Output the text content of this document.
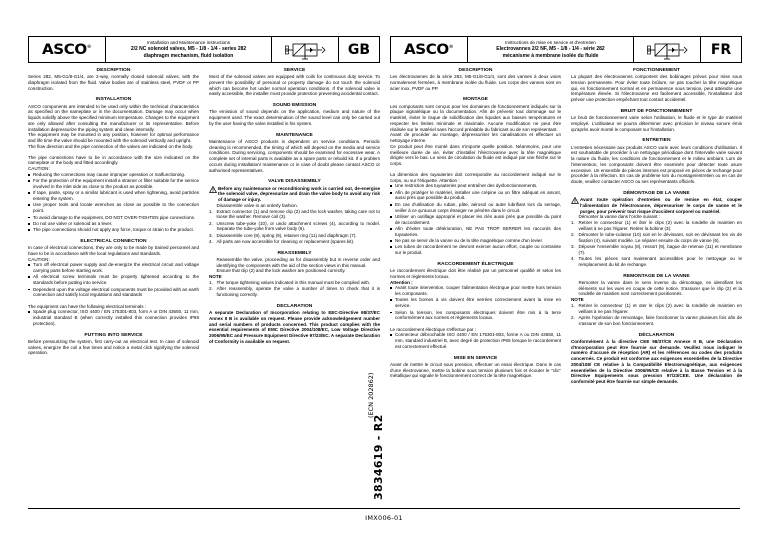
ASCO®
Installation and Maintenance instructions
2/2 NC solenoid valves, M5 - 1/8 - 1/4 - series 282
diaphragm mechanism, fluid isolation	GB
DESCRIPTION

Series 282, M5-G1/8-G1/4, are 2-way, normally closed solenoid valves, with the diaphragm isolated from the fluid. Valve bodies are of stainless steel, PVDF or PP construction.

INSTALLATION

ASCO components are intended to be used only within the technical characteristics as specified on the nameplate or in the documentation. Damage may occur when liquids solidify above the specified minimum temperature. Changes to the equipment are only allowed after consulting the manufacturer or its representative. Before installation depressurize the piping system and clean internally.

The equipment may be mounted in any position, however for optimal performance and life time the valve should be mounted with the solenoid vertically and upright.

The flow direction and the pipe connection of the valves are indicated on the body.

The pipe connections have to be in accordance with the size indicated on the nameplate or the body and fitted accordingly.

CAUTION:

Reducing the connections may cause improper operation or malfunctioning.
For the protection of the equipment install a strainer or filter suitable for the service involved in the inlet side as close to the product as possible.
If tape, paste, spray or a similar lubricant is used when tightening, avoid particles entering the system.
Use proper tools and locate wrenches as close as possible to the connection point.
To avoid damage to the equipment, DO NOT OVER-TIGHTEN pipe connections.
Do not use valve or solenoid as a lever.
The pipe connections should not apply any force, torque or strain to the product.
ELECTRICAL CONNECTION

In case of electrical connections, they are only to be made by trained personnel and have to be in accordance with the local regulations and standards.

CAUTION:

Turn off electrical power supply and de-energize the electrical circuit and voltage carrying parts before starting work.
All electrical screw terminals must be properly tightened according to the standards before putting into service.
Dependent upon the voltage electrical components must be provided with an earth connection and satisfy local regulations and standards

The equipment can have the following electrical terminals :

Spade plug connector, ISO 4400 / EN 175301-803, form A or DIN 43650, 11 mm, industrial standard B (when correctly installed this connection provides IP65 protection).
PUTTING INTO SERVICE

Before pressurizing the system, first carry-out an electrical test. In case of solenoid valves, energize the coil a few times and notice a metal click signifying the solenoid operation.

SERVICE

Most of the solenoid valves are equipped with coils for continuous duty service. To prevent the possibility of personal or property damage do not touch the solenoid which can become hot under normal operation conditions. If the solenoid valve is easily accessible, the installer must provide protection preventing accidental contact.

SOUND EMISSION

The emission of sound depends on the application, medium and nature of the equipment used. The exact determination of the sound level can only be carried out by the user having the valve installed in his system.

MAINTENANCE

Maintenance of ASCO products is dependent on service conditions. Periodic cleaning is recommended, the timing of which will depend on the media and service conditions. During servicing, components should be examined for excessive wear. A complete set of internal parts is available as a spare parts or rebuild kit. If a problem occurs during installation/ maintenance or in case of doubt please contact ASCO or authorised representatives.

VALVE DISASSEMBLY

Before any maintenance or reconditioning work is carried out, de-energise the solenoid valve, depressurize and drain the valve body to avoid any risk of damage or injury.

Disassemble valve in an orderly fashion.

Extract connector (1) and remove clip (2) and the lock washer, taking care not to loose the washer. Remove coil (3).
Unscrew tube-yoke (10), or undo attachment screws (4), according to model. Separate the tube-yoke from valve body (6).
Disassemble core (8), spring (9), retainer ring (11) and diaphragm (7).
All parts are now accessible for cleaning or replacement (spares kit).
REASSEMBLY

Reassemble the valve, proceeding as for disassembly but in reverse order and identifying the components with the aid of the section views in this manual.

Ensure that clip (2) and the lock washer are positioned correctly.

NOTE

The torque tightening values indicated in this manual must be complied with.
After reassembly, operate the valve a number of times to check that it is functioning correctly.
DECLARATION

A separate Declaration of Incorporation relating to EEC-Directive 98/37/EC Annex II B is available on request. Please provide acknowledgement number and serial numbers of products concerned. This product complies with the essential requirements of EMC Directive 2004/108/EC, Low Voltage Directive 2006/95/EC and Pressure Equipment Directive 97/23/EC. A separate Declaration of Conformity is available on request.

ASCO®
Instructions de mise en service et d'entretien
Electrovannes 2/2 NF, M5 - 1/8 - 1/4 - série 282
mécanisme à membrane isolée du fluide	FR
DESCRIPTION

Les électrovannes de la série 282, M5-G1/8-G1/4, sont des vannes à deux voies normalement fermées, à membrane isolée du fluide. Les corps des vannes sont en acier inox, PVDF ou PP.

MONTAGE

Les composants sont conçus pour les domaines de fonctionnement indiqués sur la plaque signalétique ou la documentation. Afin de prévenir tout dommage sur le matériel, éviter le risque de solidification des liquides aux basses températures et respecter les limites minimale et maximale. Aucune modification ne peut être réalisée sur le matériel sans l'accord préalable du fabricant ou de son représentant.

Avant de procéder au montage, dépressuriser les canalisations et effectuer un nettoyage interne.

Ce produit peut être monté dans n'importe quelle position. Néanmoins, pour une meilleure durée de vie, éviter d'installer l'électrovanne avec la tête magnétique dirigée vers le bas. Le sens de circulation du fluide est indiqué par une flèche sur le corps.

La dimension des tuyauteries doit correspondre au raccordement indiqué sur le corps, ou sur l'étiquette. Attention :

Une restriction des tuyauteries peut entraîner des dysfonctionnements.
Afin de protéger le matériel, installer une crépine ou un filtre adéquat en amont, aussi près que possible du produit.
En cas d'utilisation du ruban, pâte, aérosol ou autre lubrifiant lors du serrage, veiller à ce qu'aucun corps étranger ne pénètre dans le circuit.
Utiliser un outillage approprié et placer les clés aussi près que possible du point de raccordement.
Afin d'éviter toute détérioration, NE PAS TROP SERRER les raccords des tuyauteries.
Ne pas se servir de la vanne ou de la tête magnétique comme d'un levier.
Les tubes de raccordement ne devront exercer aucun effort, couple ou contrainte sur le produit.
RACCORDEMENT ÉLECTRIQUE

Le raccordement électrique doit être réalisé par un personnel qualifié et selon les normes et règlements locaux.

Attention :

Avant toute intervention, couper l'alimentation électrique pour mettre hors tension les composants.
Toutes les bornes à vis doivent être serrées correctement avant la mise en service.
Selon la tension, les composants électriques doivent être mis à la terre conformément aux normes et règlements locaux.

Le raccordement électrique s'effectue par :

Connecteur débrochable ISO 4400 / EN 175301-803, forme A ou DIN 43650, 11 mm, standard industriel B, avec degré de protection IP65 lorsque le raccordement est correctement effectué.
MISE EN SERVICE

Avant de mettre le circuit sous pression, effectuer un essai électrique. Dans le cas d'une électrovanne, mettre la bobine sous tension plusieurs fois et écouter le "clic" métallique qui signale le fonctionnement correct de la tête magnétique.

FONCTIONNEMENT

La plupart des électrovannes comportent des bobinages prévus pour mise sous tension permanente. Pour éviter toute brûlure, ne pas toucher la tête magnétique qui, en fonctionnement normal et en permanence sous tension, peut atteindre une température élevée. Si l'électrovanne est facilement accessible, l'installateur doit prévoir une protection empêchant tout contact accidentel.

BRUIT DE FONCTIONNEMENT

Le bruit de fonctionnement varie selon l'utilisation, le fluide et le type de matériel employé. L'utilisateur ne pourra déterminer avec précision le niveau sonore émis qu'après avoir monté le composant sur l'installation.

ENTRETIEN

L'entretien nécessaire aux produits ASCO varie avec leurs conditions d'utilisation. Il est souhaitable de procéder à un nettoyage périodique dont l'intervalle varie suivant la nature du fluide, les conditions de fonctionnement et le milieu ambiant. Lors de l'intervention, les composants doivent être examinés pour détecter toute usure excessive. Un ensemble de pièces internes est proposé en pièces de rechange pour procéder à la réfection. En cas de problème lors du montage/entretien ou en cas de doute, veuillez contacter ASCO ou ses représentants officiels.

DÉMONTAGE DE LA VANNE

Avant toute opération d'entretien ou de remise en état, couper l'alimentation de l'électrovanne, dépressuriser le corps de vanne et le purger, pour prévenir tout risque d'accident corporel ou matériel.

Démonter la vanne dans l'ordre suivant :

Retirer le connecteur (1) et ôter le clips (2) avec la rondelle de maintien en veillant à ne pas l'égarer. Retirer la bobine (3).
Démonter le tube-culasse (10) soit en le dévissant, soit en dévissant les vis de fixation (4), suivant modèle. Le séparer ensuite du corps de vanne (6).
Déposer l'ensemble noyau (8), ressort (9), bague de retenue (11) et membrane (7).
Toutes les pièces sont maintenant accessibles pour le nettoyage ou le remplacement du kit de rechange.
REMONTAGE DE LA VANNE

Remonter la vanne dans le sens inverse du démontage, en identifiant les éléments sur les vues en coupe de cette notice. S'assurer que le clip (2) et la rondelle de maintien sont correctement positionnés.

NOTE

Retirer le connecteur (1) et oter le clips (2) avec la rondelle de maintien en veillant à ne pas l'égarer.
Après l'opération de remontage, faire fonctionner la vanne plusieurs fois afin de s'assurer de son bon fonctionnement.
DÉCLARATION

Conformément à la directive CEE 98/37/CE Annexe II B, une Déclaration d'Incorporation peut être fournie sur demande. Veuillez nous indiquer le numéro d'accusé de réception (AR) et les références ou codes des produits concernés. Ce produit est conforme aux exigences essentielles de la Directive 2004/108/ CE relative à la Compatibilité Electromagnétique, aux exigences essentielles de la Directive 2006/95/CE relative à la Basse Tension et à la Directive Equipements sous pression 97/23/CEE. Une déclaration de conformité peut être fournie sur simple demande.

(ECN 202862)
3834619 - R2
IMX006-01
